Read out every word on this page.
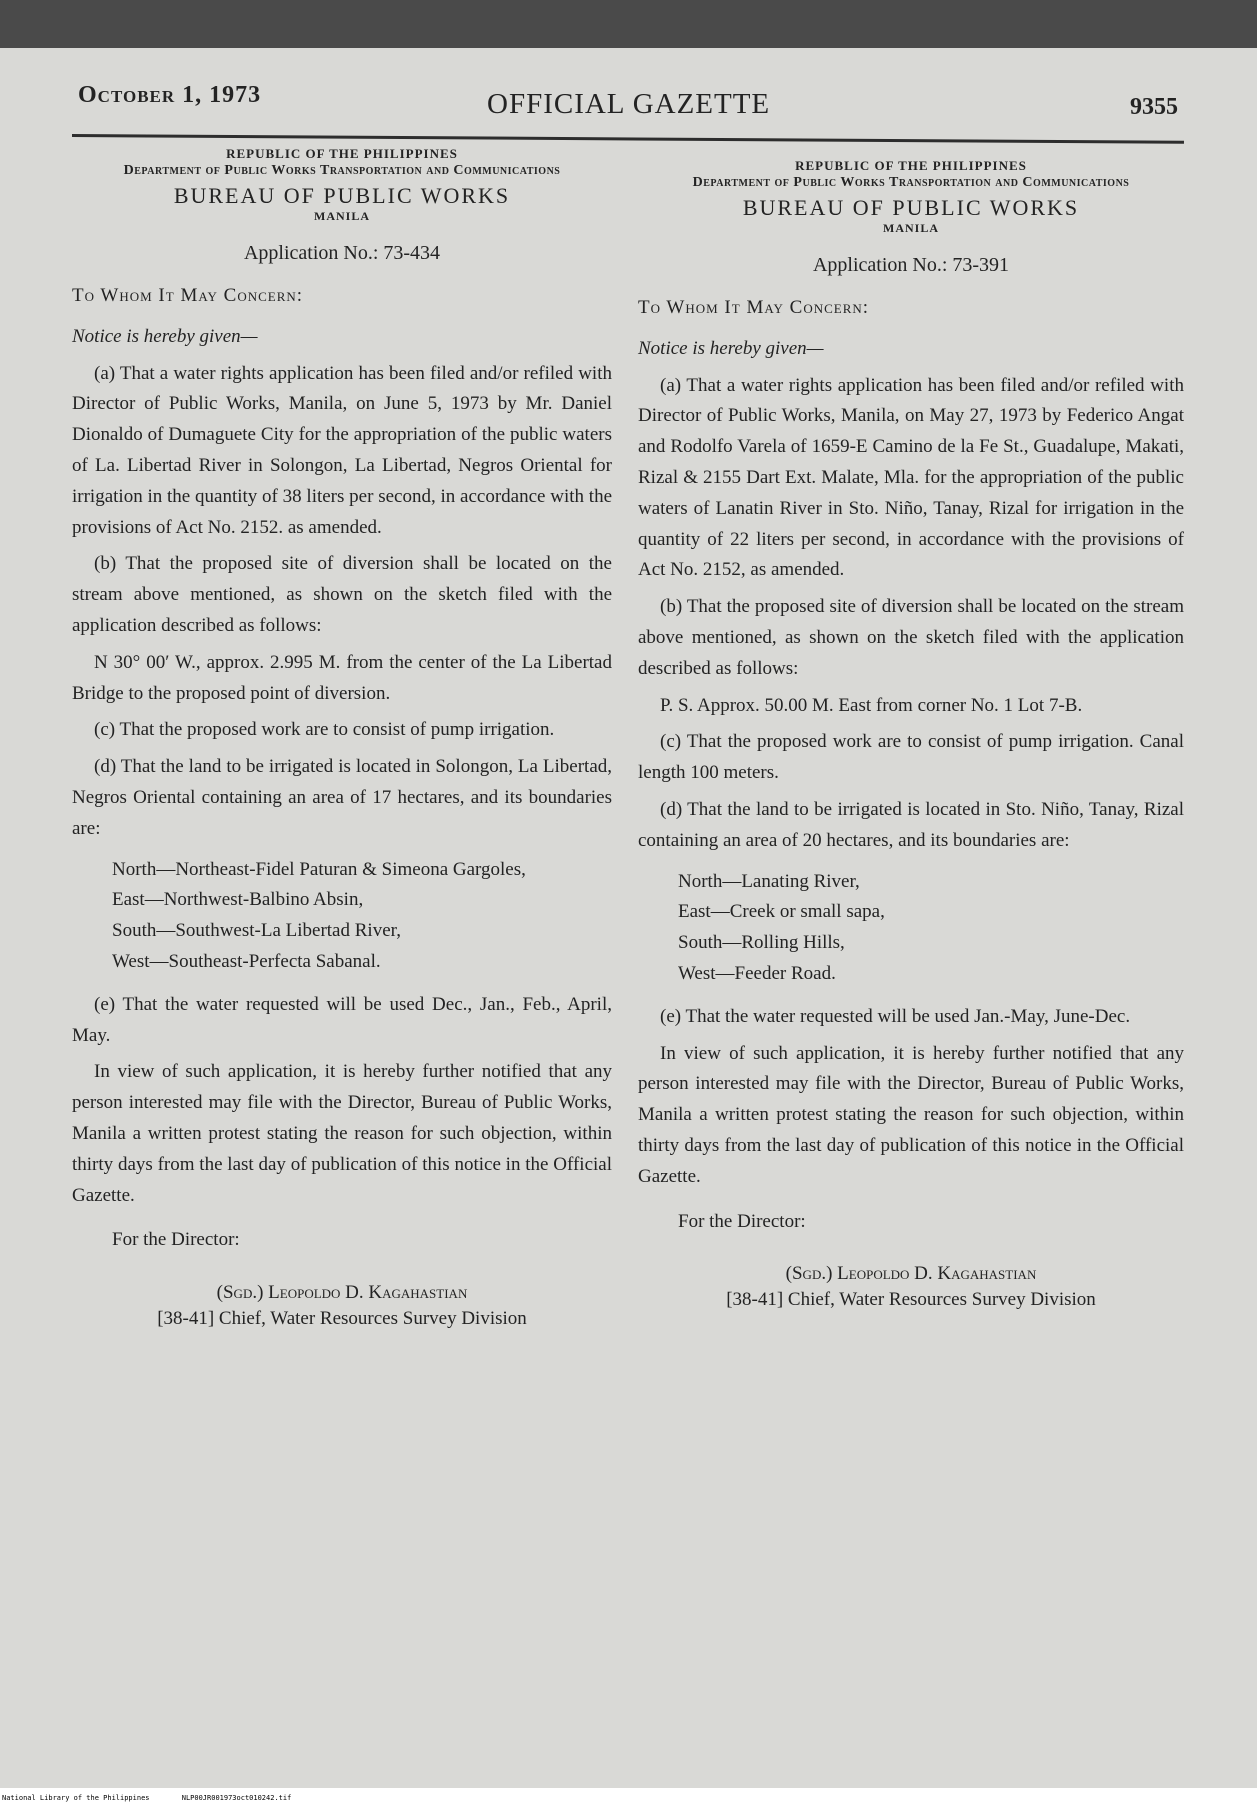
October 1, 1973	OFFICIAL GAZETTE	9355
REPUBLIC OF THE PHILIPPINES
Department of Public Works Transportation and Communications
BUREAU OF PUBLIC WORKS
MANILA
Application No.: 73-434
To Whom It May Concern:
Notice is hereby given—

(a) That a water rights application has been filed and/or refiled with Director of Public Works, Manila, on June 5, 1973 by Mr. Daniel Dionaldo of Dumaguete City for the appropriation of the public waters of La. Libertad River in Solongon, La Libertad, Negros Oriental for irrigation in the quantity of 38 liters per second, in accordance with the provisions of Act No. 2152. as amended.

(b) That the proposed site of diversion shall be located on the stream above mentioned, as shown on the sketch filed with the application described as follows:

N 30° 00′ W., approx. 2.995 M. from the center of the La Libertad Bridge to the proposed point of diversion.

(c) That the proposed work are to consist of pump irrigation.

(d) That the land to be irrigated is located in Solongon, La Libertad, Negros Oriental containing an area of 17 hectares, and its boundaries are:

North—Northeast-Fidel Paturan & Simeona Gargoles,

East—Northwest-Balbino Absin,

South—Southwest-La Libertad River,

West—Southeast-Perfecta Sabanal.

(e) That the water requested will be used Dec., Jan., Feb., April, May.

In view of such application, it is hereby further notified that any person interested may file with the Director, Bureau of Public Works, Manila a written protest stating the reason for such objection, within thirty days from the last day of publication of this notice in the Official Gazette.

For the Director:
(Sgd.) Leopoldo D. Kagahastian
[38-41] Chief, Water Resources Survey Division
REPUBLIC OF THE PHILIPPINES
Department of Public Works Transportation and Communications
BUREAU OF PUBLIC WORKS
MANILA
Application No.: 73-391
To Whom It May Concern:
Notice is hereby given—

(a) That a water rights application has been filed and/or refiled with Director of Public Works, Manila, on May 27, 1973 by Federico Angat and Rodolfo Varela of 1659-E Camino de la Fe St., Guadalupe, Makati, Rizal & 2155 Dart Ext. Malate, Mla. for the appropriation of the public waters of Lanatin River in Sto. Niño, Tanay, Rizal for irrigation in the quantity of 22 liters per second, in accordance with the provisions of Act No. 2152, as amended.

(b) That the proposed site of diversion shall be located on the stream above mentioned, as shown on the sketch filed with the application described as follows:

P. S. Approx. 50.00 M. East from corner No. 1 Lot 7-B.

(c) That the proposed work are to consist of pump irrigation. Canal length 100 meters.

(d) That the land to be irrigated is located in Sto. Niño, Tanay, Rizal containing an area of 20 hectares, and its boundaries are:

North—Lanating River,

East—Creek or small sapa,

South—Rolling Hills,

West—Feeder Road.

(e) That the water requested will be used Jan.-May, June-Dec.

In view of such application, it is hereby further notified that any person interested may file with the Director, Bureau of Public Works, Manila a written protest stating the reason for such objection, within thirty days from the last day of publication of this notice in the Official Gazette.

For the Director:
(Sgd.) Leopoldo D. Kagahastian
[38-41] Chief, Water Resources Survey Division
National Library of the Philippines	NLP00JR001973oct010242.tif
